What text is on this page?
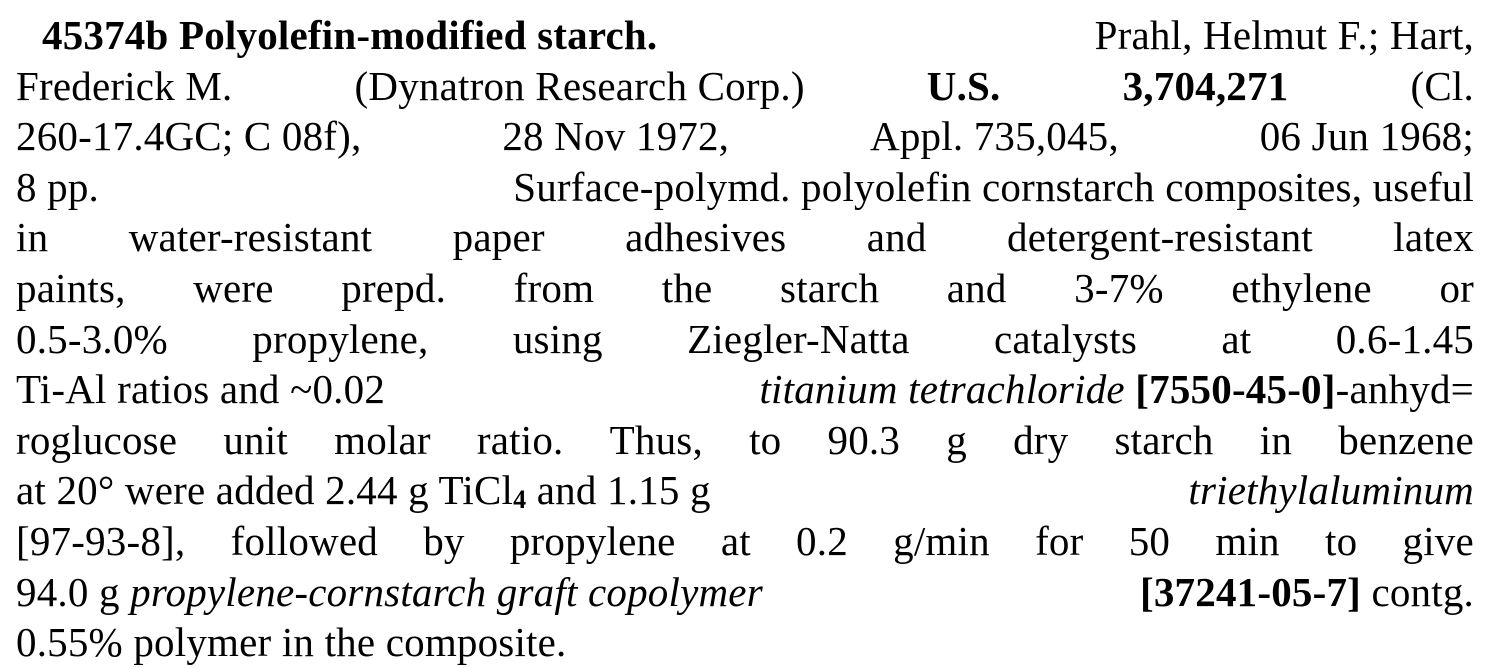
45374b Polyolefin-modified starch.	Prahl, Helmut F.; Hart,
Frederick M.	(Dynatron Research Corp.)	U.S.	3,704,271	(Cl.
260-17.4GC; C 08f),	28 Nov 1972,	Appl. 735,045,	06 Jun 1968;
8 pp.	Surface-polymd. polyolefin cornstarch composites, useful
in water-resistant paper adhesives and detergent-resistant latex
paints, were prepd. from the starch and 3-7% ethylene or
0.5-3.0% propylene, using Ziegler-Natta catalysts at 0.6-1.45
Ti-Al ratios and ~0.02	titanium tetrachloride [7550-45-0]-anhyd=
roglucose unit molar ratio. Thus, to 90.3 g dry starch in benzene
at 20° were added 2.44 g TiCl4 and 1.15 g	triethylaluminum
[97-93-8], followed by propylene at 0.2 g/min for 50 min to give
94.0 g propylene-cornstarch graft copolymer	[37241-05-7] contg.
0.55% polymer in the composite.
